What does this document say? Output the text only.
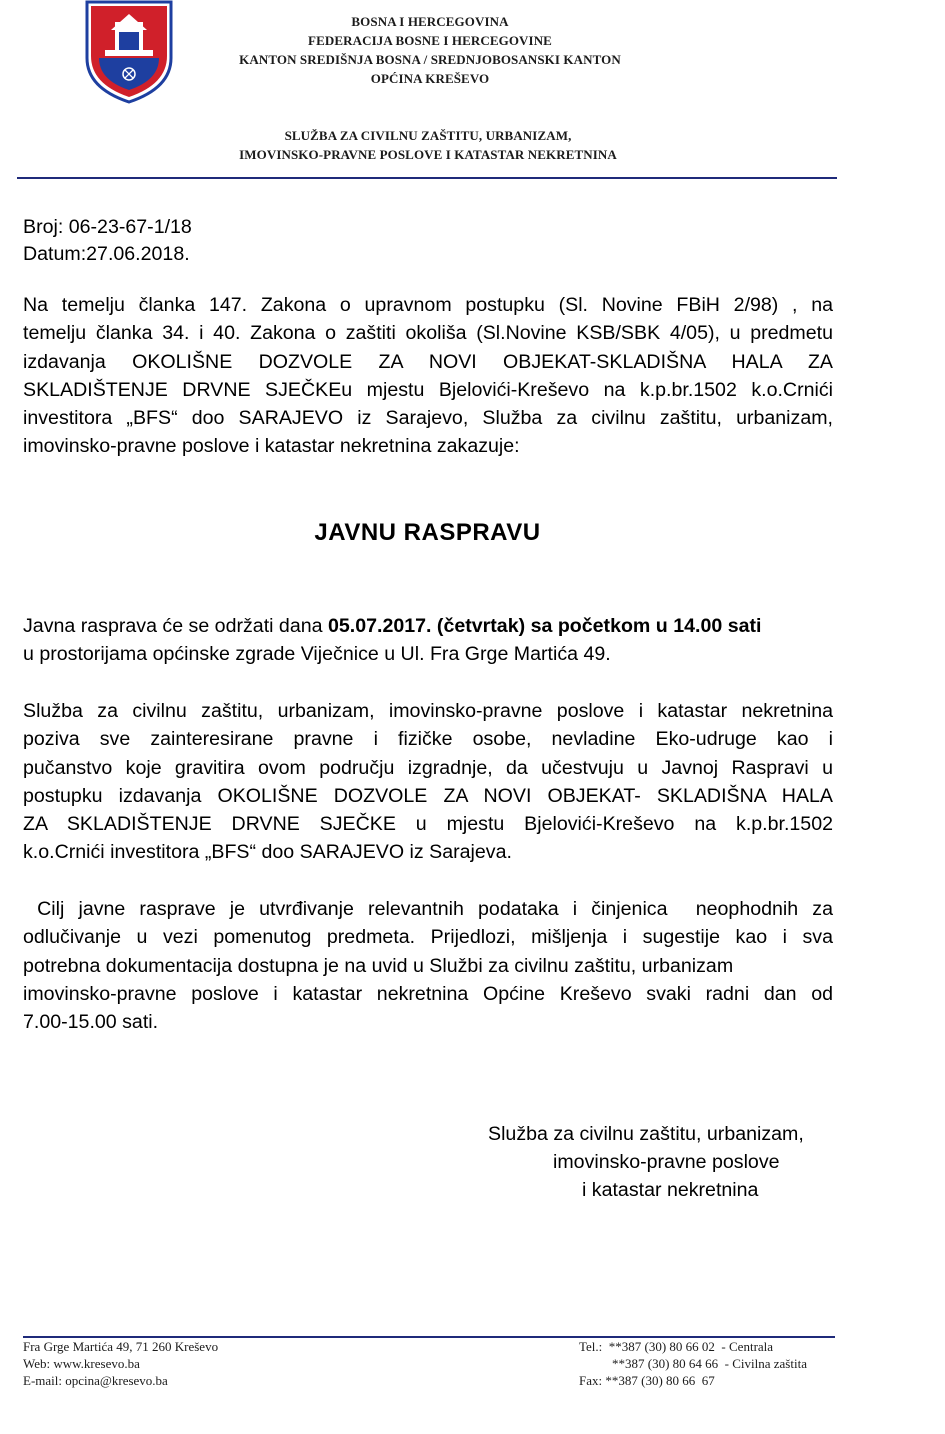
BOSNA I HERCEGOVINA
FEDERACIJA BOSNE I HERCEGOVINE
KANTON SREDIŠNJA BOSNA / SREDNJOBOSANSKI KANTON
OPĆINA KREŠEVO
SLUŽBA ZA CIVILNU ZAŠTITU, URBANIZAM,
IMOVINSKO-PRAVNE POSLOVE I KATASTAR NEKRETNINA
Broj: 06-23-67-1/18
Datum:27.06.2018.
Na temelju članka 147. Zakona o upravnom postupku (Sl. Novine FBiH 2/98) , na
temelju članka 34. i 40. Zakona o zaštiti okoliša (Sl.Novine KSB/SBK 4/05), u predmetu
izdavanja OKOLIŠNE DOZVOLE ZA NOVI OBJEKAT-SKLADIŠNA HALA ZA
SKLADIŠTENJE DRVNE SJEČKEu mjestu Bjelovići-Kreševo na k.p.br.1502 k.o.Crnići
investitora „BFS“ doo SARAJEVO iz Sarajevo, Služba za civilnu zaštitu, urbanizam,
imovinsko-pravne poslove i katastar nekretnina zakazuje:
JAVNU RASPRAVU
Javna rasprava će se održati dana 05.07.2017. (četvrtak) sa početkom u 14.00 sati
u prostorijama općinske zgrade Viječnice u Ul. Fra Grge Martića 49.
Služba za civilnu zaštitu, urbanizam, imovinsko-pravne poslove i katastar nekretnina
poziva sve zainteresirane pravne i fizičke osobe, nevladine Eko-udruge kao i
pučanstvo koje gravitira ovom području izgradnje, da učestvuju u Javnoj Raspravi u
postupku izdavanja OKOLIŠNE DOZVOLE ZA NOVI OBJEKAT- SKLADIŠNA HALA
ZA SKLADIŠTENJE DRVNE SJEČKE u mjestu Bjelovići-Kreševo na k.p.br.1502
k.o.Crnići investitora „BFS“ doo SARAJEVO iz Sarajeva.
Cilj javne rasprave je utvrđivanje relevantnih podataka i činjenica  neophodnih za
odlučivanje u vezi pomenutog predmeta. Prijedlozi, mišljenja i sugestije kao i sva
potrebna dokumentacija dostupna je na uvid u Službi za civilnu zaštitu, urbanizam
imovinsko-pravne poslove i katastar nekretnina Općine Kreševo svaki radni dan od
7.00-15.00 sati.
Služba za civilnu zaštitu, urbanizam,
imovinsko-pravne poslove
i katastar nekretnina
Fra Grge Martića 49, 71 260 Kreševo
Web: www.kresevo.ba
E-mail: opcina@kresevo.ba
Tel.:  **387 (30) 80 66 02  - Centrala
**387 (30) 80 64 66  - Civilna zaštita
Fax: **387 (30) 80 66  67
